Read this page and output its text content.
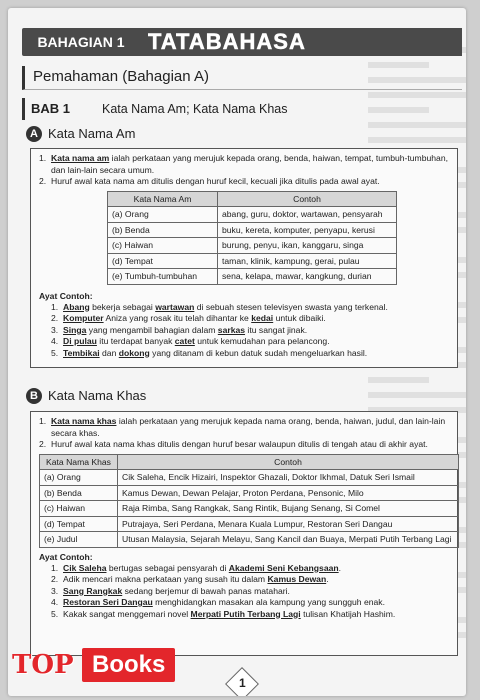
BAHAGIAN 1	TATABAHASA
Pemahaman (Bahagian A)
BAB 1	Kata Nama Am; Kata Nama Khas
A Kata Nama Am
1. Kata nama am ialah perkataan yang merujuk kepada orang, benda, haiwan, tempat, tumbuh-tumbuhan, dan lain-lain secara umum.
2. Huruf awal kata nama am ditulis dengan huruf kecil, kecuali jika ditulis pada awal ayat.
Kata Nama Am	Contoh
(a) Orang	abang, guru, doktor, wartawan, pensyarah
(b) Benda	buku, kereta, komputer, penyapu, kerusi
(c) Haiwan	burung, penyu, ikan, kanggaru, singa
(d) Tempat	taman, klinik, kampung, gerai, pulau
(e) Tumbuh-tumbuhan	sena, kelapa, mawar, kangkung, durian
Ayat Contoh:
1. Abang bekerja sebagai wartawan di sebuah stesen televisyen swasta yang terkenal.
2. Komputer Aniza yang rosak itu telah dihantar ke kedai untuk dibaiki.
3. Singa yang mengambil bahagian dalam sarkas itu sangat jinak.
4. Di pulau itu terdapat banyak catet untuk kemudahan para pelancong.
5. Tembikai dan dokong yang ditanam di kebun datuk sudah mengeluarkan hasil.
B Kata Nama Khas
1. Kata nama khas ialah perkataan yang merujuk kepada nama orang, benda, haiwan, judul, dan lain-lain secara khas.
2. Huruf awal kata nama khas ditulis dengan huruf besar walaupun ditulis di tengah atau di akhir ayat.
Kata Nama Khas	Contoh
(a) Orang	Cik Saleha, Encik Hizairi, Inspektor Ghazali, Doktor Ikhmal, Datuk Seri Ismail
(b) Benda	Kamus Dewan, Dewan Pelajar, Proton Perdana, Pensonic, Milo
(c) Haiwan	Raja Rimba, Sang Rangkak, Sang Rintik, Bujang Senang, Si Comel
(d) Tempat	Putrajaya, Seri Perdana, Menara Kuala Lumpur, Restoran Seri Dangau
(e) Judul	Utusan Malaysia, Sejarah Melayu, Sang Kancil dan Buaya, Merpati Putih Terbang Lagi
Ayat Contoh:
1. Cik Saleha bertugas sebagai pensyarah di Akademi Seni Kebangsaan.
2. Adik mencari makna perkataan yang susah itu dalam Kamus Dewan.
3. Sang Rangkak sedang berjemur di bawah panas matahari.
4. Restoran Seri Dangau menghidangkan masakan ala kampung yang sungguh enak.
5. Kakak sangat menggemari novel Merpati Putih Terbang Lagi tulisan Khatijah Hashim.
TOP Books
1
